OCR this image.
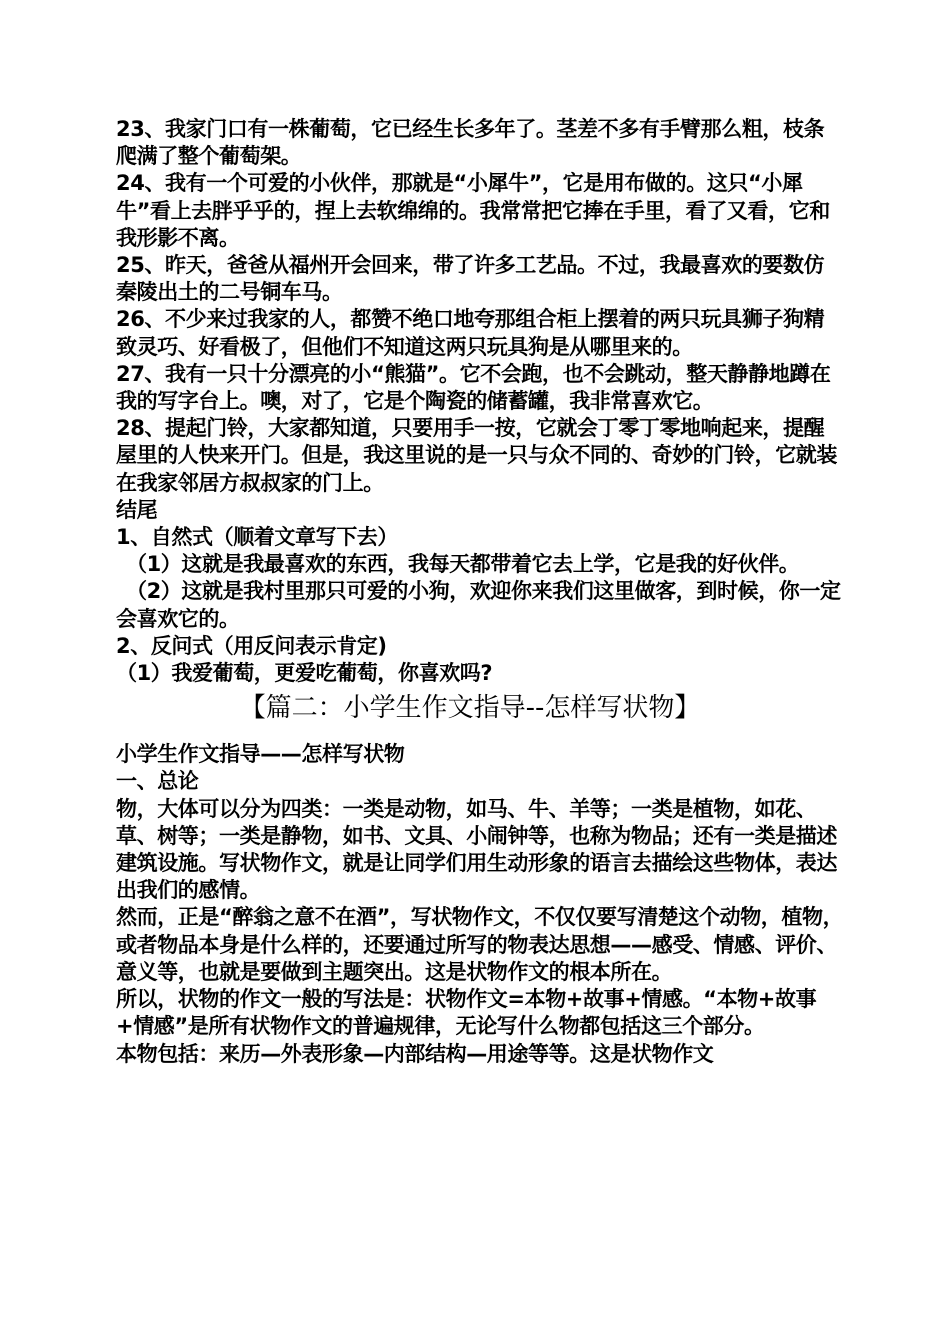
23、我家门口有一株葡萄，它已经生长多年了。茎差不多有手臂那么粗，枝条爬满了整个葡萄架。

24、我有一个可爱的小伙伴，那就是“小犀牛”，它是用布做的。这只“小犀牛”看上去胖乎乎的，捏上去软绵绵的。我常常把它捧在手里，看了又看，它和我形影不离。

25、昨天，爸爸从福州开会回来，带了许多工艺品。不过，我最喜欢的要数仿秦陵出土的二号铜车马。

26、不少来过我家的人，都赞不绝口地夸那组合柜上摆着的两只玩具狮子狗精致灵巧、好看极了，但他们不知道这两只玩具狗是从哪里来的。

27、我有一只十分漂亮的小“熊猫”。它不会跑，也不会跳动，整天静静地蹲在我的写字台上。噢，对了，它是个陶瓷的储蓄罐，我非常喜欢它。

28、提起门铃，大家都知道，只要用手一按，它就会丁零丁零地响起来，提醒屋里的人快来开门。但是，我这里说的是一只与众不同的、奇妙的门铃，它就装在我家邻居方叔叔家的门上。

结尾

1、自然式（顺着文章写下去）

（1）这就是我最喜欢的东西，我每天都带着它去上学，它是我的好伙伴。

（2）这就是我村里那只可爱的小狗，欢迎你来我们这里做客，到时候，你一定会喜欢它的。

2、反问式（用反问表示肯定)

（1）我爱葡萄，更爱吃葡萄，你喜欢吗?

【篇二：小学生作文指导--怎样写状物】

小学生作文指导——怎样写状物

一、总论

物，大体可以分为四类：一类是动物，如马、牛、羊等；一类是植物，如花、草、树等；一类是静物，如书、文具、小闹钟等，也称为物品；还有一类是描述建筑设施。写状物作文，就是让同学们用生动形象的语言去描绘这些物体，表达出我们的感情。

然而，正是“醉翁之意不在酒”，写状物作文，不仅仅要写清楚这个动物，植物，或者物品本身是什么样的，还要通过所写的物表达思想——感受、情感、评价、意义等，也就是要做到主题突出。这是状物作文的根本所在。

所以，状物的作文一般的写法是：状物作文=本物+故事+情感。“本物+故事+情感”是所有状物作文的普遍规律，无论写什么物都包括这三个部分。

本物包括：来历—外表形象—内部结构—用途等等。这是状物作文
